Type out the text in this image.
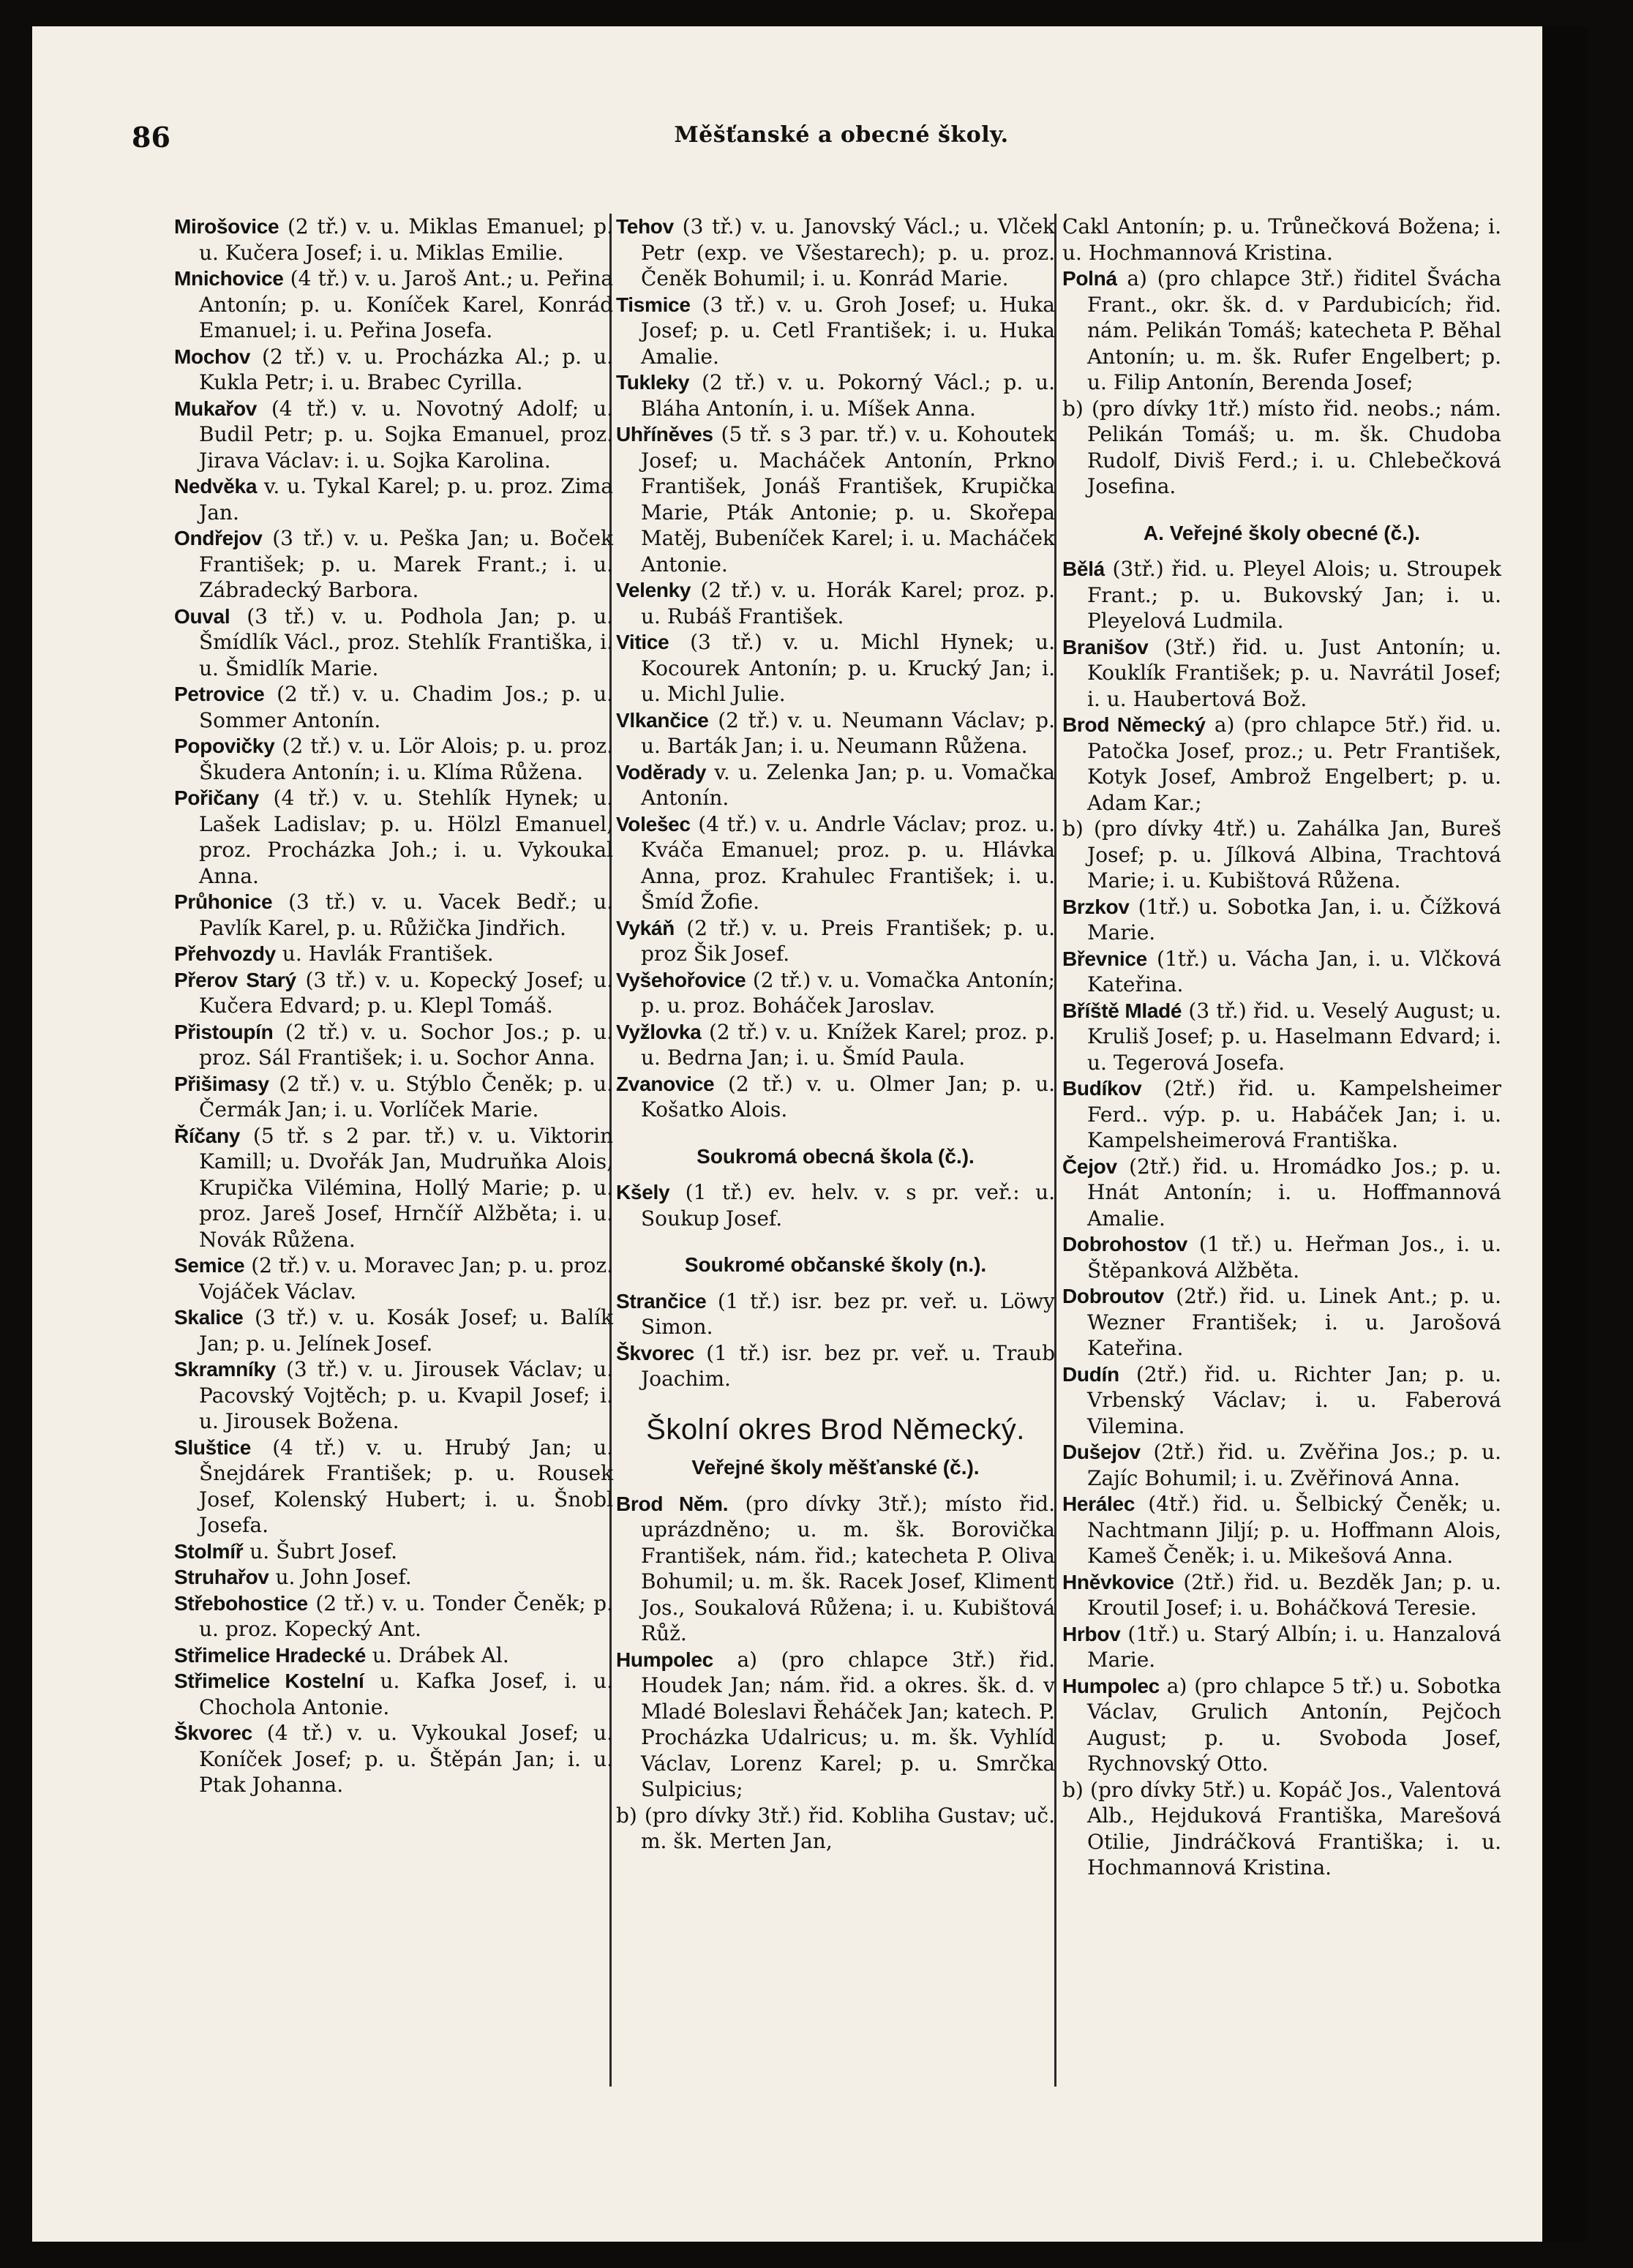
86	Měšťanské a obecné školy.

Mirošovice (2 tř.) v. u. Miklas Emanuel; p. u. Kučera Josef; i. u. Miklas Emilie.

Mnichovice (4 tř.) v. u. Jaroš Ant.; u. Peřina Antonín; p. u. Koníček Karel, Konrád Emanuel; i. u. Peřina Josefa.

Mochov (2 tř.) v. u. Procházka Al.; p. u. Kukla Petr; i. u. Brabec Cyrilla.

Mukařov (4 tř.) v. u. Novotný Adolf; u. Budil Petr; p. u. Sojka Emanuel, proz. Jirava Václav: i. u. Sojka Karolina.

Nedvěka v. u. Tykal Karel; p. u. proz. Zima Jan.

Ondřejov (3 tř.) v. u. Peška Jan; u. Boček František; p. u. Marek Frant.; i. u. Zábradecký Barbora.

Ouval (3 tř.) v. u. Podhola Jan; p. u. Šmídlík Václ., proz. Stehlík Františka, i. u. Šmidlík Marie.

Petrovice (2 tř.) v. u. Chadim Jos.; p. u. Sommer Antonín.

Popovičky (2 tř.) v. u. Lör Alois; p. u. proz. Škudera Antonín; i. u. Klíma Růžena.

Pořičany (4 tř.) v. u. Stehlík Hynek; u. Lašek Ladislav; p. u. Hölzl Emanuel, proz. Procházka Joh.; i. u. Vykoukal Anna.

Průhonice (3 tř.) v. u. Vacek Bedř.; u. Pavlík Karel, p. u. Růžička Jindřich.

Přehvozdy u. Havlák František.

Přerov Starý (3 tř.) v. u. Kopecký Josef; u. Kučera Edvard; p. u. Klepl Tomáš.

Přistoupín (2 tř.) v. u. Sochor Jos.; p. u. proz. Sál František; i. u. Sochor Anna.

Přišimasy (2 tř.) v. u. Stýblo Čeněk; p. u. Čermák Jan; i. u. Vorlíček Marie.

Říčany (5 tř. s 2 par. tř.) v. u. Viktorin Kamill; u. Dvořák Jan, Mudruňka Alois, Krupička Vilémina, Hollý Marie; p. u. proz. Jareš Josef, Hrnčíř Alžběta; i. u. Novák Růžena.

Semice (2 tř.) v. u. Moravec Jan; p. u. proz. Vojáček Václav.

Skalice (3 tř.) v. u. Kosák Josef; u. Balík Jan; p. u. Jelínek Josef.

Skramníky (3 tř.) v. u. Jirousek Václav; u. Pacovský Vojtěch; p. u. Kvapil Josef; i. u. Jirousek Božena.

Sluštice (4 tř.) v. u. Hrubý Jan; u. Šnejdárek František; p. u. Rousek Josef, Kolenský Hubert; i. u. Šnobl Josefa.

Stolmíř u. Šubrt Josef.

Struhařov u. John Josef.

Střebohostice (2 tř.) v. u. Tonder Čeněk; p. u. proz. Kopecký Ant.

Střimelice Hradecké u. Drábek Al.

Střimelice Kostelní u. Kafka Josef, i. u. Chochola Antonie.

Škvorec (4 tř.) v. u. Vykoukal Josef; u. Koníček Josef; p. u. Štěpán Jan; i. u. Ptak Johanna.

Tehov (3 tř.) v. u. Janovský Václ.; u. Vlček Petr (exp. ve Všestarech); p. u. proz. Čeněk Bohumil; i. u. Konrád Marie.

Tismice (3 tř.) v. u. Groh Josef; u. Huka Josef; p. u. Cetl František; i. u. Huka Amalie.

Tukleky (2 tř.) v. u. Pokorný Václ.; p. u. Bláha Antonín, i. u. Míšek Anna.

Uhříněves (5 tř. s 3 par. tř.) v. u. Kohoutek Josef; u. Macháček Antonín, Prkno František, Jonáš František, Krupička Marie, Pták Antonie; p. u. Skořepa Matěj, Bubeníček Karel; i. u. Macháček Antonie.

Velenky (2 tř.) v. u. Horák Karel; proz. p. u. Rubáš František.

Vitice (3 tř.) v. u. Michl Hynek; u. Kocourek Antonín; p. u. Krucký Jan; i. u. Michl Julie.

Vlkančice (2 tř.) v. u. Neumann Václav; p. u. Barták Jan; i. u. Neumann Růžena.

Voděrady v. u. Zelenka Jan; p. u. Vomačka Antonín.

Volešec (4 tř.) v. u. Andrle Václav; proz. u. Kváča Emanuel; proz. p. u. Hlávka Anna, proz. Krahulec František; i. u. Šmíd Žofie.

Vykáň (2 tř.) v. u. Preis František; p. u. proz Šik Josef.

Vyšehořovice (2 tř.) v. u. Vomačka Antonín; p. u. proz. Boháček Jaroslav.

Vyžlovka (2 tř.) v. u. Knížek Karel; proz. p. u. Bedrna Jan; i. u. Šmíd Paula.

Zvanovice (2 tř.) v. u. Olmer Jan; p. u. Košatko Alois.

Soukromá obecná škola (č.).

Kšely (1 tř.) ev. helv. v. s pr. veř.: u. Soukup Josef.

Soukromé občanské školy (n.).

Strančice (1 tř.) isr. bez pr. veř. u. Löwy Simon.

Škvorec (1 tř.) isr. bez pr. veř. u. Traub Joachim.

Školní okres Brod Německý.

Veřejné školy měšťanské (č.).

Brod Něm. (pro dívky 3tř.); místo řid. uprázdněno; u. m. šk. Borovička František, nám. řid.; katecheta P. Oliva Bohumil; u. m. šk. Racek Josef, Kliment Jos., Soukalová Růžena; i. u. Kubištová Růž.

Humpolec a) (pro chlapce 3tř.) řid. Houdek Jan; nám. řid. a okres. šk. d. v Mladé Boleslavi Řeháček Jan; katech. P. Procházka Udalricus; u. m. šk. Vyhlíd Václav, Lorenz Karel; p. u. Smrčka Sulpicius;

b) (pro dívky 3tř.) řid. Kobliha Gustav; uč. m. šk. Merten Jan,

Cakl Antonín; p. u. Trůnečková Božena; i. u. Hochmannová Kristina.

Polná a) (pro chlapce 3tř.) řiditel Švácha Frant., okr. šk. d. v Pardubicích; řid. nám. Pelikán Tomáš; katecheta P. Běhal Antonín; u. m. šk. Rufer Engelbert; p. u. Filip Antonín, Berenda Josef;

b) (pro dívky 1tř.) místo řid. neobs.; nám. Pelikán Tomáš; u. m. šk. Chudoba Rudolf, Diviš Ferd.; i. u. Chlebečková Josefina.

A. Veřejné školy obecné (č.).

Bělá (3tř.) řid. u. Pleyel Alois; u. Stroupek Frant.; p. u. Bukovský Jan; i. u. Pleyelová Ludmila.

Branišov (3tř.) řid. u. Just Antonín; u. Kouklík František; p. u. Navrátil Josef; i. u. Haubertová Bož.

Brod Německý a) (pro chlapce 5tř.) řid. u. Patočka Josef, proz.; u. Petr František, Kotyk Josef, Ambrož Engelbert; p. u. Adam Kar.;

b) (pro dívky 4tř.) u. Zahálka Jan, Bureš Josef; p. u. Jílková Albina, Trachtová Marie; i. u. Kubištová Růžena.

Brzkov (1tř.) u. Sobotka Jan, i. u. Čížková Marie.

Břevnice (1tř.) u. Vácha Jan, i. u. Vlčková Kateřina.

Bříště Mladé (3 tř.) řid. u. Veselý August; u. Kruliš Josef; p. u. Haselmann Edvard; i. u. Tegerová Josefa.

Budíkov (2tř.) řid. u. Kampelsheimer Ferd.. výp. p. u. Habáček Jan; i. u. Kampelsheimerová Františka.

Čejov (2tř.) řid. u. Hromádko Jos.; p. u. Hnát Antonín; i. u. Hoffmannová Amalie.

Dobrohostov (1 tř.) u. Heřman Jos., i. u. Štěpanková Alžběta.

Dobroutov (2tř.) řid. u. Linek Ant.; p. u. Wezner František; i. u. Jarošová Kateřina.

Dudín (2tř.) řid. u. Richter Jan; p. u. Vrbenský Václav; i. u. Faberová Vilemina.

Dušejov (2tř.) řid. u. Zvěřina Jos.; p. u. Zajíc Bohumil; i. u. Zvěřinová Anna.

Herálec (4tř.) řid. u. Šelbický Čeněk; u. Nachtmann Jiljí; p. u. Hoffmann Alois, Kameš Čeněk; i. u. Mikešová Anna.

Hněvkovice (2tř.) řid. u. Bezděk Jan; p. u. Kroutil Josef; i. u. Boháčková Teresie.

Hrbov (1tř.) u. Starý Albín; i. u. Hanzalová Marie.

Humpolec a) (pro chlapce 5 tř.) u. Sobotka Václav, Grulich Antonín, Pejčoch August; p. u. Svoboda Josef, Rychnovský Otto.

b) (pro dívky 5tř.) u. Kopáč Jos., Valentová Alb., Hejduková Františka, Marešová Otilie, Jindráčková Františka; i. u. Hochmannová Kristina.
